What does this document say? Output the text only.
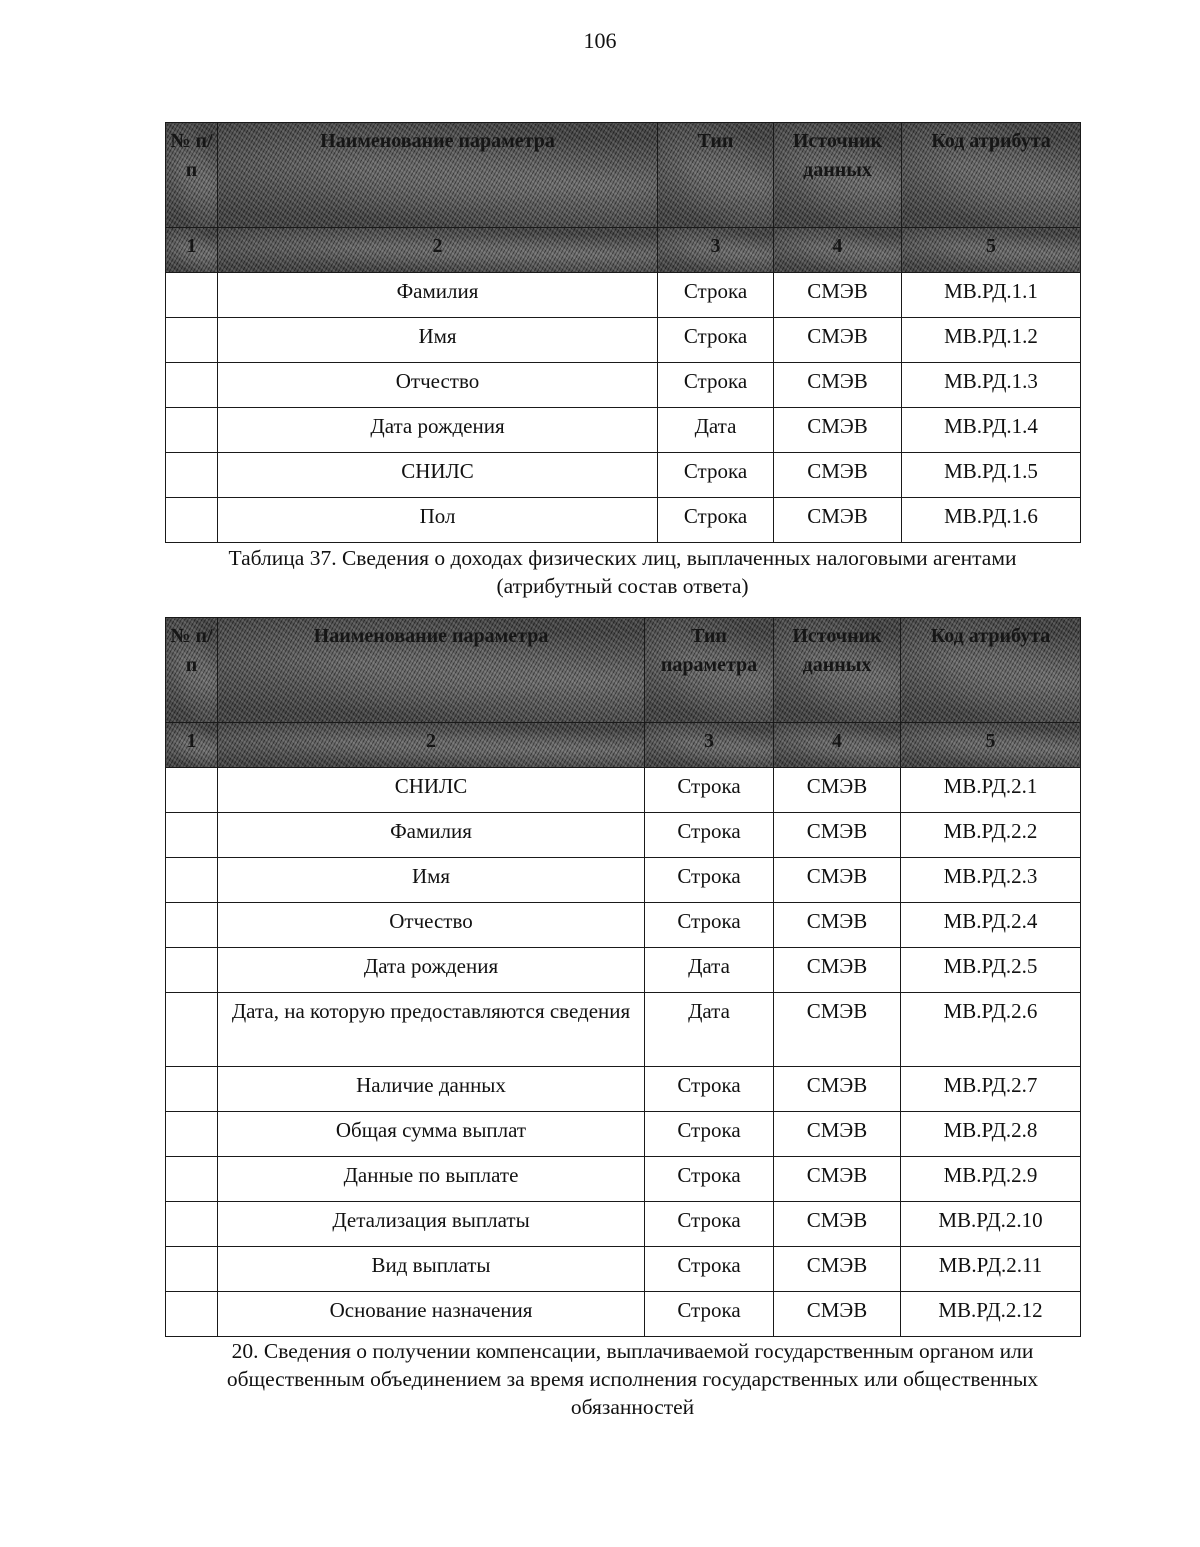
106
№ п/п	Наименование параметра	Тип	Источник данных	Код атрибута

1	2	3	4	5

	Фамилия	Строка	СМЭВ	МВ.РД.1.1

	Имя	Строка	СМЭВ	МВ.РД.1.2

	Отчество	Строка	СМЭВ	МВ.РД.1.3

	Дата рождения	Дата	СМЭВ	МВ.РД.1.4

	СНИЛС	Строка	СМЭВ	МВ.РД.1.5

	Пол	Строка	СМЭВ	МВ.РД.1.6
Таблица 37. Сведения о доходах физических лиц, выплаченных налоговыми агентами
(атрибутный состав ответа)
№ п/п	Наименование параметра	Тип параметра	Источник данных	Код атрибута

1	2	3	4	5

	СНИЛС	Строка	СМЭВ	МВ.РД.2.1

	Фамилия	Строка	СМЭВ	МВ.РД.2.2

	Имя	Строка	СМЭВ	МВ.РД.2.3

	Отчество	Строка	СМЭВ	МВ.РД.2.4

	Дата рождения	Дата	СМЭВ	МВ.РД.2.5

	Дата, на которую предоставляются сведения	Дата	СМЭВ	МВ.РД.2.6

	Наличие данных	Строка	СМЭВ	МВ.РД.2.7

	Общая сумма выплат	Строка	СМЭВ	МВ.РД.2.8

	Данные по выплате	Строка	СМЭВ	МВ.РД.2.9

	Детализация выплаты	Строка	СМЭВ	МВ.РД.2.10

	Вид выплаты	Строка	СМЭВ	МВ.РД.2.11

	Основание назначения	Строка	СМЭВ	МВ.РД.2.12
20. Сведения о получении компенсации, выплачиваемой государственным органом или
общественным объединением за время исполнения государственных или общественных
обязанностей
